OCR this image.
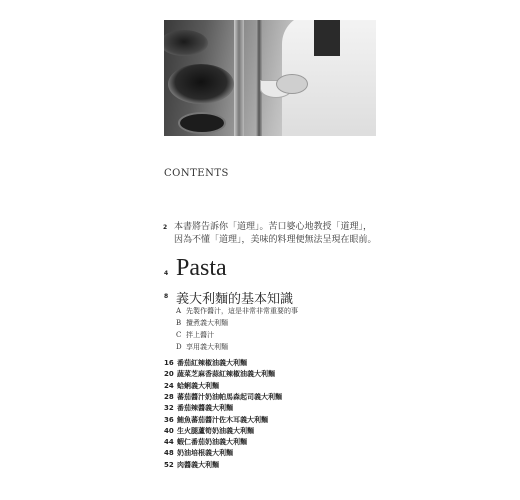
CONTENTS
2 本書將告訴你「道理」。苦口婆心地教授「道理」，
因為不懂「道理」，美味的料理便無法呈現在眼前。
4 Pasta
8 義大利麵的基本知識
A 先製作醬汁，這是非常非常重要的事
B 攪煮義大利麵
C 拌上醬汁
D 享用義大利麵
16 番茄紅辣椒油義大利麵
20 蔬菜芝麻香蒜紅辣椒油義大利麵
24 蛤蜊義大利麵
28 蕃茄醬汁奶油帕馬森起司義大利麵
32 番茄辣醬義大利麵
36 鮪魚蕃茄醬汁佐木耳義大利麵
40 生火腿蘆筍奶油義大利麵
44 蝦仁番茄奶油義大利麵
48 奶油培根義大利麵
52 肉醬義大利麵
